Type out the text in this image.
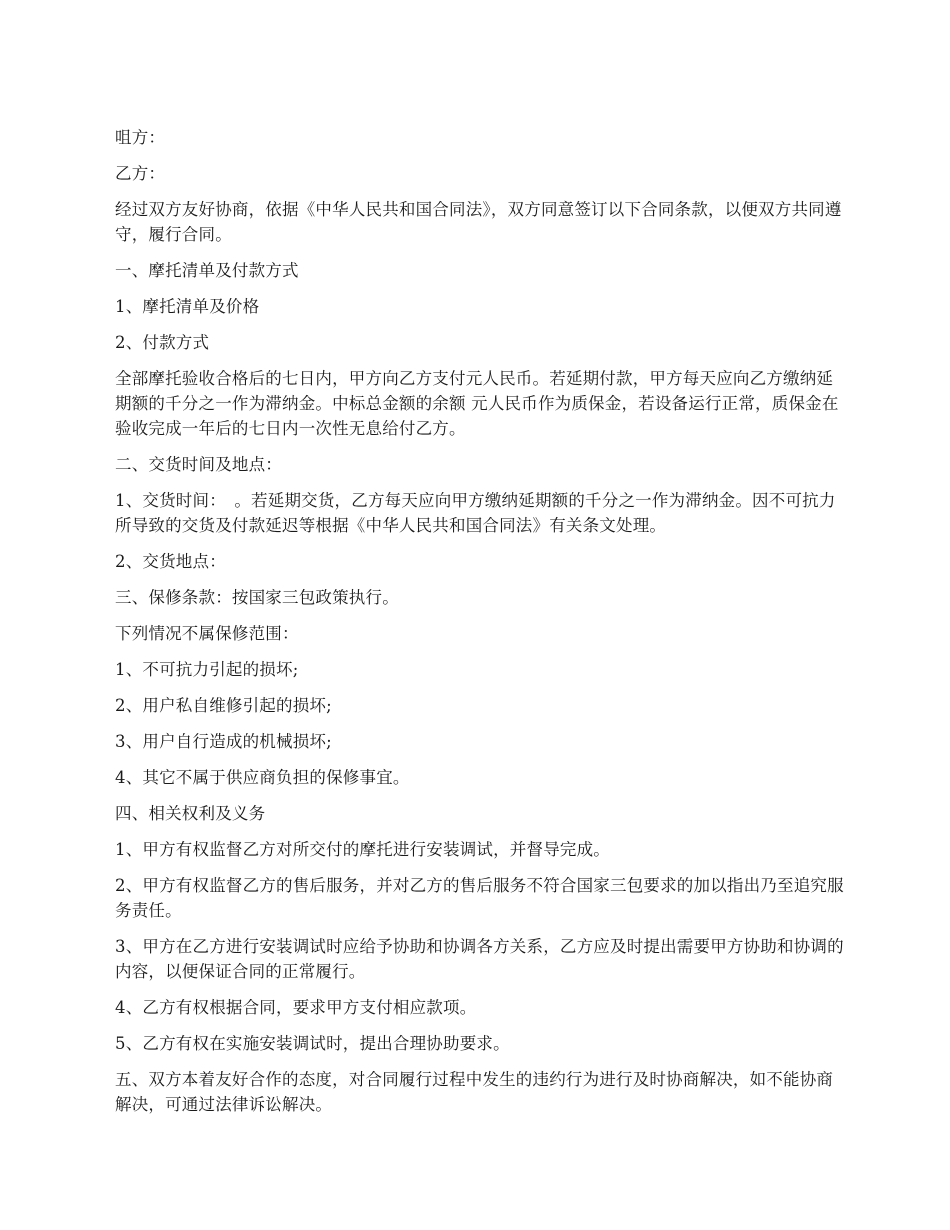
咀方：

乙方：

经过双方友好协商，依据《中华人民共和国合同法》，双方同意签订以下合同条款，以便双方共同遵守，履行合同。

一、摩托清单及付款方式

1、摩托清单及价格

2、付款方式

全部摩托验收合格后的七日内，甲方向乙方支付元人民币。若延期付款，甲方每天应向乙方缴纳延期额的千分之一作为滞纳金。中标总金额的余额 元人民币作为质保金，若设备运行正常，质保金在验收完成一年后的七日内一次性无息给付乙方。

二、交货时间及地点：

1、交货时间：　。若延期交货，乙方每天应向甲方缴纳延期额的千分之一作为滞纳金。因不可抗力所导致的交货及付款延迟等根据《中华人民共和国合同法》有关条文处理。

2、交货地点：

三、保修条款：按国家三包政策执行。

下列情况不属保修范围：

1、不可抗力引起的损坏;

2、用户私自维修引起的损坏;

3、用户自行造成的机械损坏;

4、其它不属于供应商负担的保修事宜。

四、相关权利及义务

1、甲方有权监督乙方对所交付的摩托进行安装调试，并督导完成。

2、甲方有权监督乙方的售后服务，并对乙方的售后服务不符合国家三包要求的加以指出乃至追究服务责任。

3、甲方在乙方进行安装调试时应给予协助和协调各方关系，乙方应及时提出需要甲方协助和协调的内容，以便保证合同的正常履行。

4、乙方有权根据合同，要求甲方支付相应款项。

5、乙方有权在实施安装调试时，提出合理协助要求。

五、双方本着友好合作的态度，对合同履行过程中发生的违约行为进行及时协商解决，如不能协商解决，可通过法律诉讼解决。
